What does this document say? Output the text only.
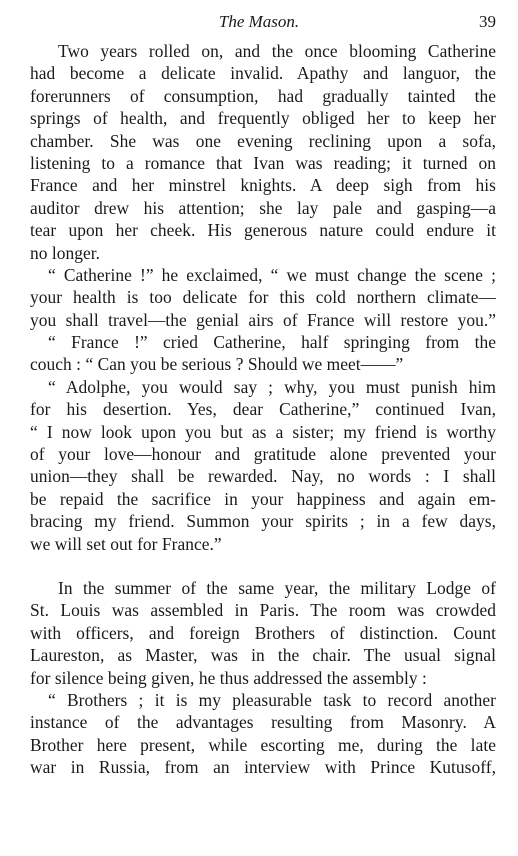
The Mason.	39
Two years rolled on, and the once blooming Catherine
had become a delicate invalid. Apathy and languor, the
forerunners of consumption, had gradually tainted the
springs of health, and frequently obliged her to keep her
chamber. She was one evening reclining upon a sofa,
listening to a romance that Ivan was reading; it turned on
France and her minstrel knights. A deep sigh from his
auditor drew his attention; she lay pale and gasping—a
tear upon her cheek. His generous nature could endure it
no longer.
“ Catherine !” he exclaimed, “ we must change the scene ;
your health is too delicate for this cold northern climate—
you shall travel—the genial airs of France will restore you.”
“ France !” cried Catherine, half springing from the
couch : “ Can you be serious ? Should we meet——”
“ Adolphe, you would say ; why, you must punish him
for his desertion. Yes, dear Catherine,” continued Ivan,
“ I now look upon you but as a sister; my friend is worthy
of your love—honour and gratitude alone prevented your
union—they shall be rewarded. Nay, no words : I shall
be repaid the sacrifice in your happiness and again em-
bracing my friend. Summon your spirits ; in a few days,
we will set out for France.”
In the summer of the same year, the military Lodge of
St. Louis was assembled in Paris. The room was crowded
with officers, and foreign Brothers of distinction. Count
Laureston, as Master, was in the chair. The usual signal
for silence being given, he thus addressed the assembly :
“ Brothers ; it is my pleasurable task to record another
instance of the advantages resulting from Masonry. A
Brother here present, while escorting me, during the late
war in Russia, from an interview with Prince Kutusoff,
